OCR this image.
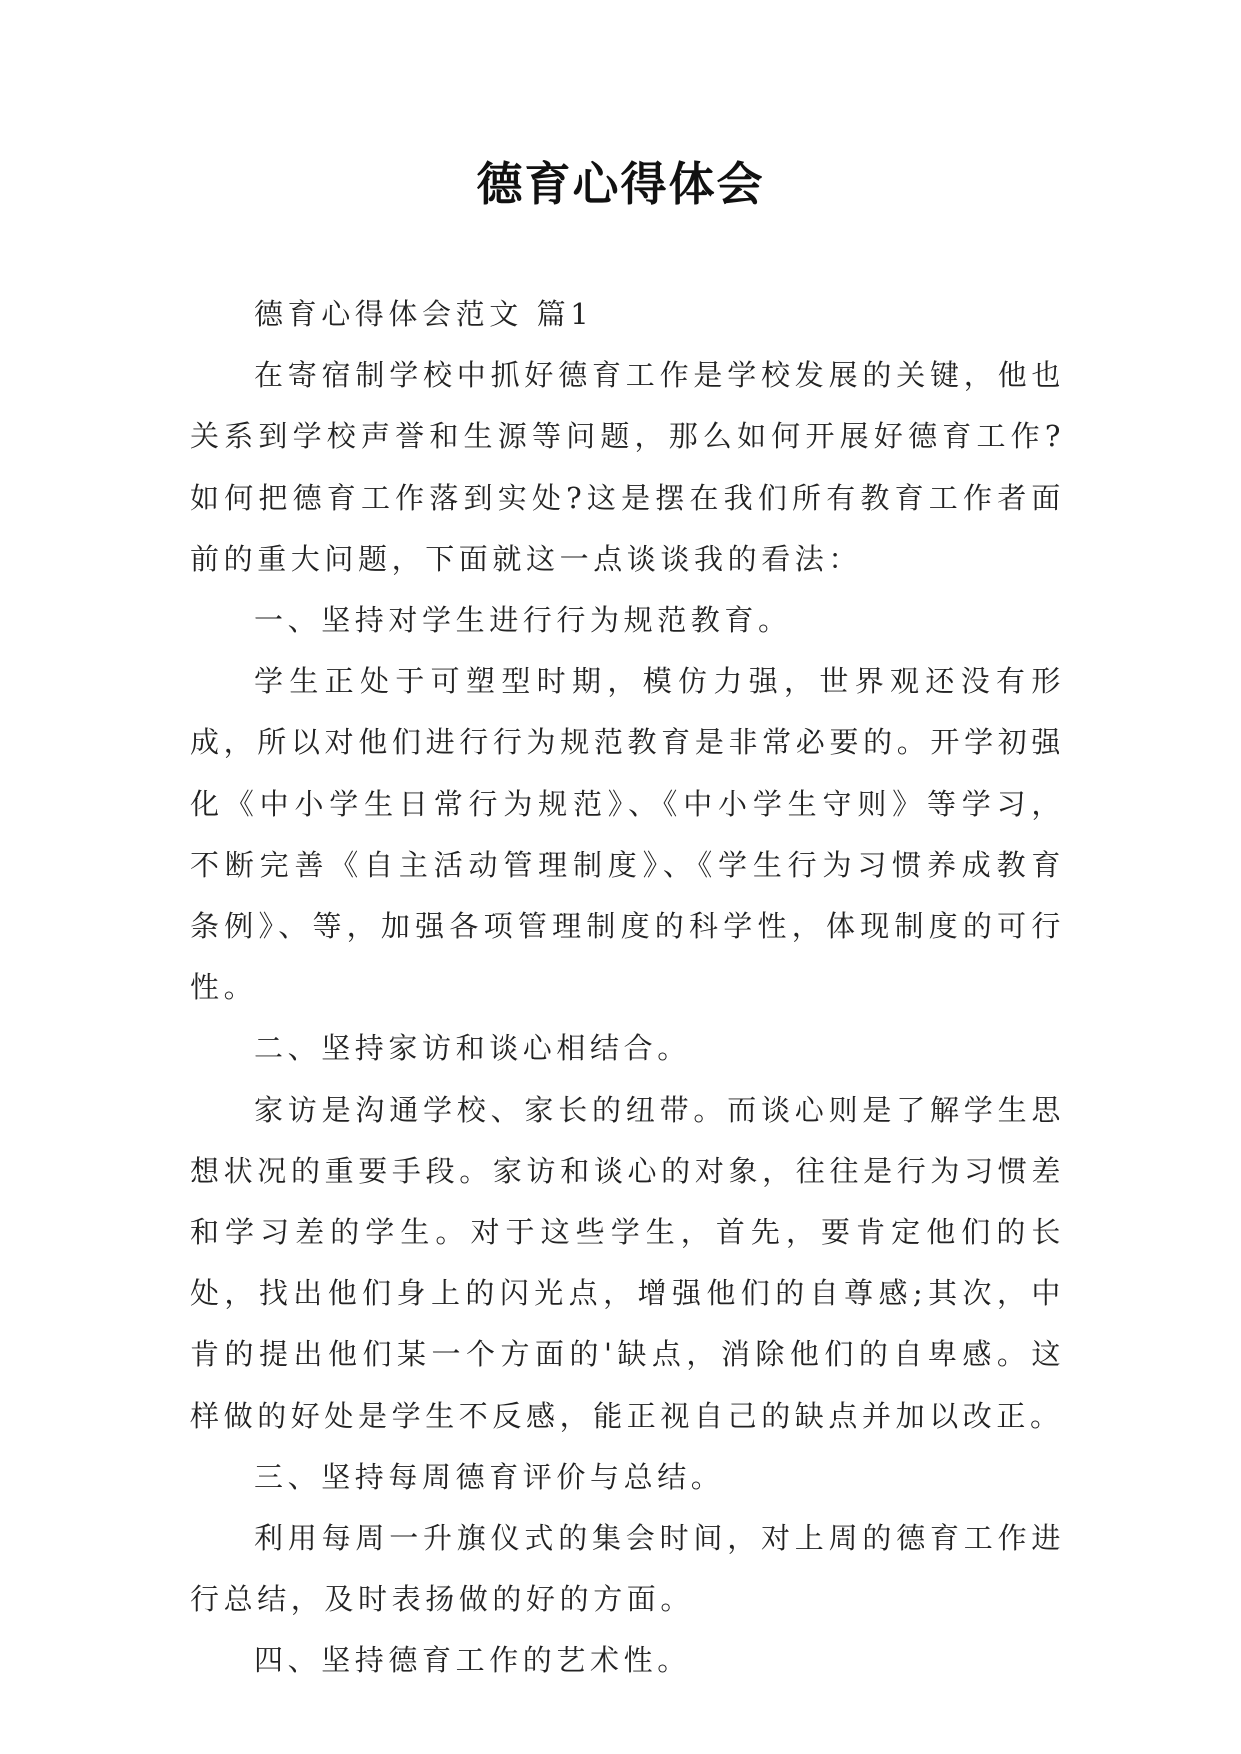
德育心得体会

德育心得体会范文 篇1

在寄宿制学校中抓好德育工作是学校发展的关键，他也关系到学校声誉和生源等问题，那么如何开展好德育工作?如何把德育工作落到实处?这是摆在我们所有教育工作者面前的重大问题，下面就这一点谈谈我的看法：

一、坚持对学生进行行为规范教育。

学生正处于可塑型时期，模仿力强，世界观还没有形成，所以对他们进行行为规范教育是非常必要的。开学初强化《中小学生日常行为规范》、《中小学生守则》等学习，不断完善《自主活动管理制度》、《学生行为习惯养成教育条例》、等，加强各项管理制度的科学性，体现制度的可行性。

二、坚持家访和谈心相结合。

家访是沟通学校、家长的纽带。而谈心则是了解学生思想状况的重要手段。家访和谈心的对象，往往是行为习惯差和学习差的学生。对于这些学生，首先，要肯定他们的长处，找出他们身上的闪光点，增强他们的自尊感;其次，中肯的提出他们某一个方面的'缺点，消除他们的自卑感。这样做的好处是学生不反感，能正视自己的缺点并加以改正。

三、坚持每周德育评价与总结。

利用每周一升旗仪式的集会时间，对上周的德育工作进行总结，及时表扬做的好的方面。

四、坚持德育工作的艺术性。
